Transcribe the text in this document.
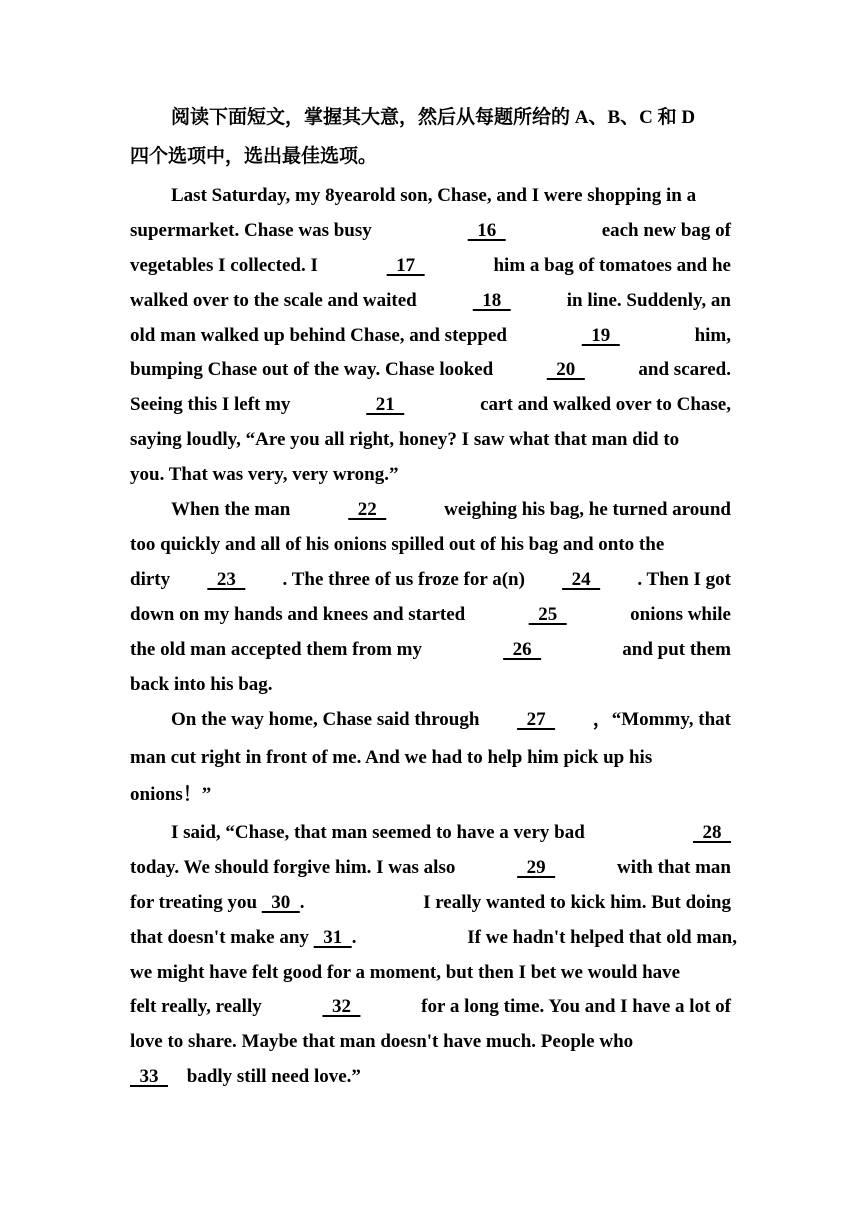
阅读下面短文，掌握其大意，然后从每题所给的 A、B、C 和 D
四个选项中，选出最佳选项。
Last Saturday, my 8yearold son, Chase, and I were shopping in a
supermarket. Chase was busy	16	each new bag of
vegetables I collected. I	17	him a bag of tomatoes and he
walked over to the scale and waited	18	in line. Suddenly, an
old man walked up behind Chase, and stepped	19	him,
bumping Chase out of the way. Chase looked	20	and scared.
Seeing this I left my	21	cart and walked over to Chase,
saying loudly, “Are you all right, honey? I saw what that man did to
you. That was very, very wrong.”
When the man	22	weighing his bag, he turned around
too quickly and all of his onions spilled out of his bag and onto the
dirty 23 . The three of us froze for a(n) 24 . Then I got
down on my hands and knees and started	25	onions while
the old man accepted them from my	26	and put them
back into his bag.
On the way home, Chase said through 27 ，“Mommy, that
man cut right in front of me. And we had to help him pick up his
onions！”
I said, “Chase, that man seemed to have a very bad	28
today. We should forgive him. I was also	29	with that man
for treating you   30  .	I really wanted to kick him. But doing
that doesn't make any   31  .	If we hadn't helped that old man,
we might have felt good for a moment, but then I bet we would have
felt really, really	32	for a long time. You and I have a lot of
love to share. Maybe that man doesn't have much. People who
33   badly still need love.”
